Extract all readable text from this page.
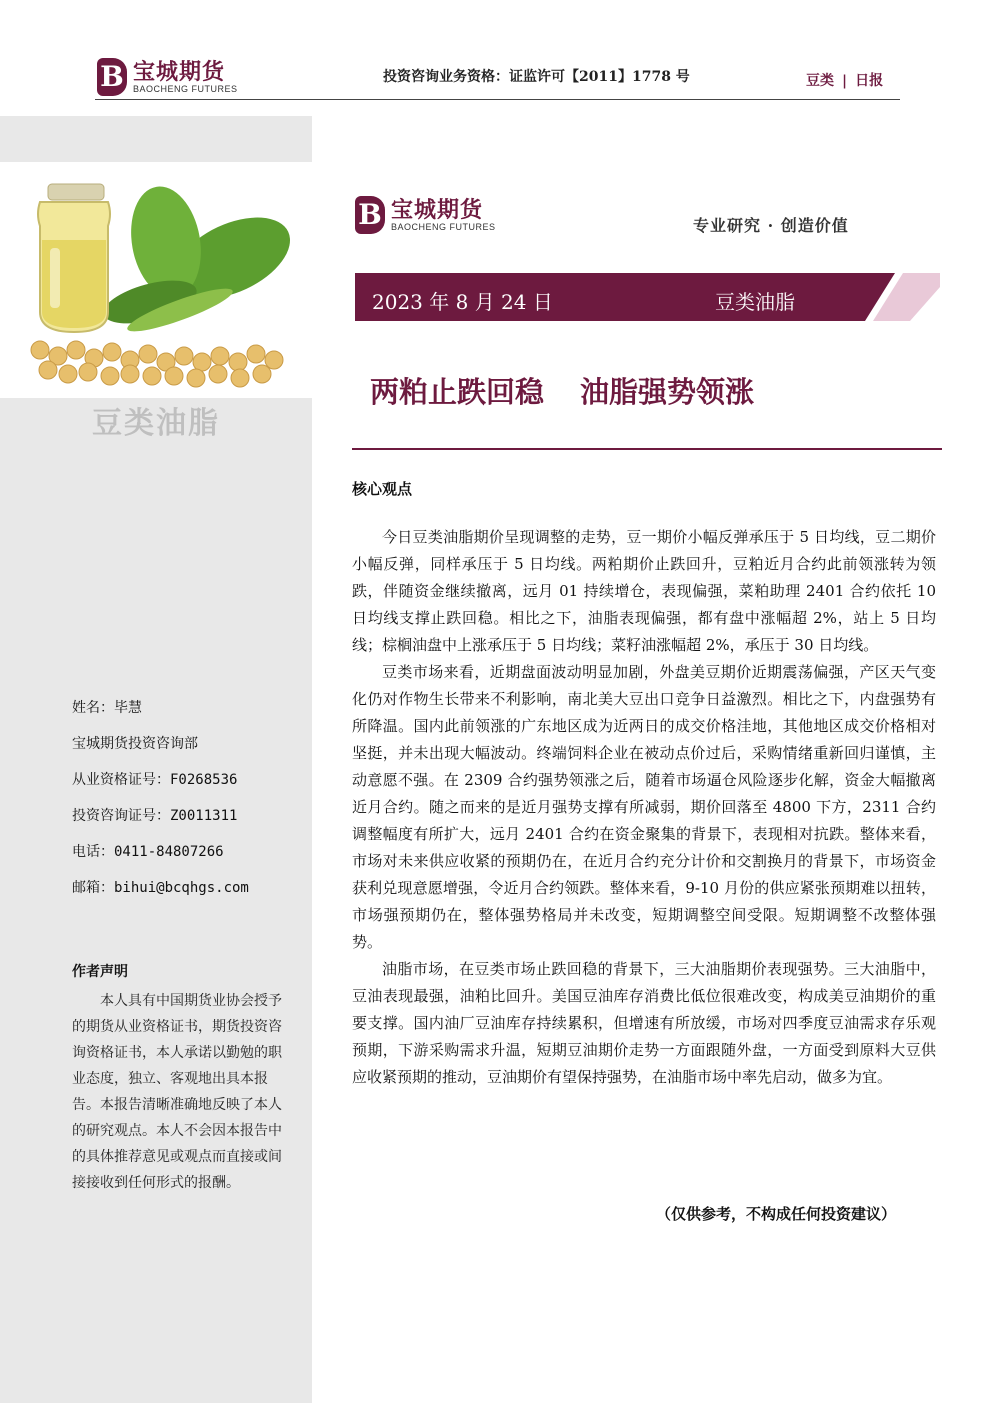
B 宝城期货
BAOCHENG FUTURES
投资咨询业务资格：证监许可【2011】1778 号	豆类 | 日报
豆类油脂
姓名：毕慧
宝城期货投资咨询部
从业资格证号：F0268536
投资咨询证号：Z0011311
电话：0411-84807266
邮箱：bihui@bcqhgs.com
作者声明
本人具有中国期货业协会授予的期货从业资格证书，期货投资咨询资格证书，本人承诺以勤勉的职业态度，独立、客观地出具本报告。本报告清晰准确地反映了本人的研究观点。本人不会因本报告中的具体推荐意见或观点而直接或间接接收到任何形式的报酬。
B 宝城期货
BAOCHENG FUTURES	专业研究 · 创造价值
2023 年 8 月 24 日	豆类油脂
两粕止跌回稳 油脂强势领涨
核心观点

今日豆类油脂期价呈现调整的走势，豆一期价小幅反弹承压于 5 日均线，豆二期价小幅反弹，同样承压于 5 日均线。两粕期价止跌回升，豆粕近月合约此前领涨转为领跌，伴随资金继续撤离，远月 01 持续增仓，表现偏强，菜粕助理 2401 合约依托 10 日均线支撑止跌回稳。相比之下，油脂表现偏强，都有盘中涨幅超 2%，站上 5 日均线；棕榈油盘中上涨承压于 5 日均线；菜籽油涨幅超 2%，承压于 30 日均线。

豆类市场来看，近期盘面波动明显加剧，外盘美豆期价近期震荡偏强，产区天气变化仍对作物生长带来不利影响，南北美大豆出口竞争日益激烈。相比之下，内盘强势有所降温。国内此前领涨的广东地区成为近两日的成交价格洼地，其他地区成交价格相对坚挺，并未出现大幅波动。终端饲料企业在被动点价过后，采购情绪重新回归谨慎，主动意愿不强。在 2309 合约强势领涨之后，随着市场逼仓风险逐步化解，资金大幅撤离近月合约。随之而来的是近月强势支撑有所减弱，期价回落至 4800 下方，2311 合约调整幅度有所扩大，远月 2401 合约在资金聚集的背景下，表现相对抗跌。整体来看，市场对未来供应收紧的预期仍在，在近月合约充分计价和交割换月的背景下，市场资金获利兑现意愿增强，令近月合约领跌。整体来看，9-10 月份的供应紧张预期难以扭转，市场强预期仍在，整体强势格局并未改变，短期调整空间受限。短期调整不改整体强势。

油脂市场，在豆类市场止跌回稳的背景下，三大油脂期价表现强势。三大油脂中，豆油表现最强，油粕比回升。美国豆油库存消费比低位很难改变，构成美豆油期价的重要支撑。国内油厂豆油库存持续累积，但增速有所放缓，市场对四季度豆油需求存乐观预期，下游采购需求升温，短期豆油期价走势一方面跟随外盘，一方面受到原料大豆供应收紧预期的推动，豆油期价有望保持强势，在油脂市场中率先启动，做多为宜。

（仅供参考，不构成任何投资建议）
